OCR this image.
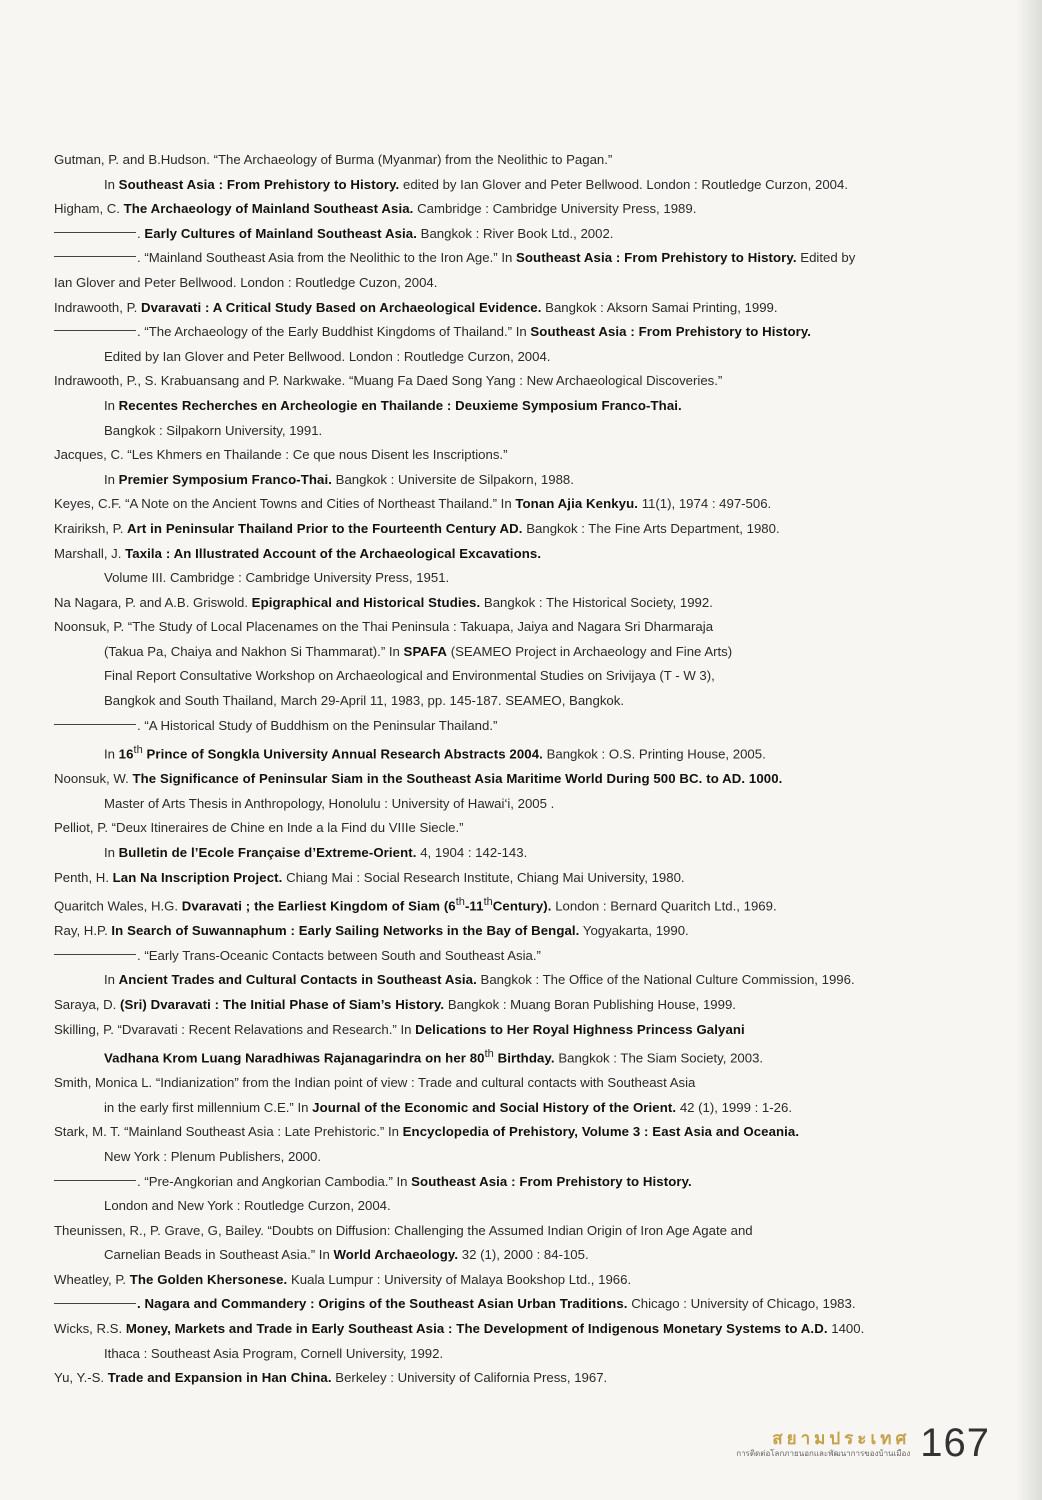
Gutman, P. and B.Hudson. “The Archaeology of Burma (Myanmar) from the Neolithic to Pagan.”
In Southeast Asia : From Prehistory to History. edited by Ian Glover and Peter Bellwood. London : Routledge Curzon, 2004.
Higham, C. The Archaeology of Mainland Southeast Asia. Cambridge : Cambridge University Press, 1989.
. Early Cultures of Mainland Southeast Asia. Bangkok : River Book Ltd., 2002.
. “Mainland Southeast Asia from the Neolithic to the Iron Age.” In Southeast Asia : From Prehistory to History. Edited by
Ian Glover and Peter Bellwood. London : Routledge Cuzon, 2004.
Indrawooth, P. Dvaravati : A Critical Study Based on Archaeological Evidence. Bangkok : Aksorn Samai Printing, 1999.
. “The Archaeology of the Early Buddhist Kingdoms of Thailand.” In Southeast Asia : From Prehistory to History.
Edited by Ian Glover and Peter Bellwood. London : Routledge Curzon, 2004.
Indrawooth, P., S. Krabuansang and P. Narkwake. “Muang Fa Daed Song Yang : New Archaeological Discoveries.”
In Recentes Recherches en Archeologie en Thailande : Deuxieme Symposium Franco-Thai.
Bangkok : Silpakorn University, 1991.
Jacques, C. “Les Khmers en Thailande : Ce que nous Disent les Inscriptions.”
In Premier Symposium Franco-Thai. Bangkok : Universite de Silpakorn, 1988.
Keyes, C.F. “A Note on the Ancient Towns and Cities of Northeast Thailand.” In Tonan Ajia Kenkyu. 11(1), 1974 : 497-506.
Krairiksh, P. Art in Peninsular Thailand Prior to the Fourteenth Century AD. Bangkok : The Fine Arts Department, 1980.
Marshall, J. Taxila : An Illustrated Account of the Archaeological Excavations.
Volume III. Cambridge : Cambridge University Press, 1951.
Na Nagara, P. and A.B. Griswold. Epigraphical and Historical Studies. Bangkok : The Historical Society, 1992.
Noonsuk, P. “The Study of Local Placenames on the Thai Peninsula : Takuapa, Jaiya and Nagara Sri Dharmaraja
(Takua Pa, Chaiya and Nakhon Si Thammarat).” In SPAFA (SEAMEO Project in Archaeology and Fine Arts)
Final Report Consultative Workshop on Archaeological and Environmental Studies on Srivijaya (T - W 3),
Bangkok and South Thailand, March 29-April 11, 1983, pp. 145-187. SEAMEO, Bangkok.
. “A Historical Study of Buddhism on the Peninsular Thailand.”
In 16th Prince of Songkla University Annual Research Abstracts 2004. Bangkok : O.S. Printing House, 2005.
Noonsuk, W. The Significance of Peninsular Siam in the Southeast Asia Maritime World During 500 BC. to AD. 1000.
Master of Arts Thesis in Anthropology, Honolulu : University of Hawai‘i, 2005 .
Pelliot, P. “Deux Itineraires de Chine en Inde a la Find du VIIIe Siecle.”
In Bulletin de l’Ecole Française d’Extreme-Orient. 4, 1904 : 142-143.
Penth, H. Lan Na Inscription Project. Chiang Mai : Social Research Institute, Chiang Mai University, 1980.
Quaritch Wales, H.G. Dvaravati ; the Earliest Kingdom of Siam (6th-11thCentury). London : Bernard Quaritch Ltd., 1969.
Ray, H.P. In Search of Suwannaphum : Early Sailing Networks in the Bay of Bengal. Yogyakarta, 1990.
. “Early Trans-Oceanic Contacts between South and Southeast Asia.”
In Ancient Trades and Cultural Contacts in Southeast Asia. Bangkok : The Office of the National Culture Commission, 1996.
Saraya, D. (Sri) Dvaravati : The Initial Phase of Siam’s History. Bangkok : Muang Boran Publishing House, 1999.
Skilling, P. “Dvaravati : Recent Relavations and Research.” In Delications to Her Royal Highness Princess Galyani
Vadhana Krom Luang Naradhiwas Rajanagarindra on her 80th Birthday. Bangkok : The Siam Society, 2003.
Smith, Monica L. “Indianization” from the Indian point of view : Trade and cultural contacts with Southeast Asia
in the early first millennium C.E.” In Journal of the Economic and Social History of the Orient. 42 (1), 1999 : 1-26.
Stark, M. T. “Mainland Southeast Asia : Late Prehistoric.” In Encyclopedia of Prehistory, Volume 3 : East Asia and Oceania.
New York : Plenum Publishers, 2000.
. “Pre-Angkorian and Angkorian Cambodia.” In Southeast Asia : From Prehistory to History.
London and New York : Routledge Curzon, 2004.
Theunissen, R., P. Grave, G, Bailey. “Doubts on Diffusion: Challenging the Assumed Indian Origin of Iron Age Agate and
Carnelian Beads in Southeast Asia.” In World Archaeology. 32 (1), 2000 : 84-105.
Wheatley, P. The Golden Khersonese. Kuala Lumpur : University of Malaya Bookshop Ltd., 1966.
. Nagara and Commandery : Origins of the Southeast Asian Urban Traditions. Chicago : University of Chicago, 1983.
Wicks, R.S. Money, Markets and Trade in Early Southeast Asia : The Development of Indigenous Monetary Systems to A.D. 1400.
Ithaca : Southeast Asia Program, Cornell University, 1992.
Yu, Y.-S. Trade and Expansion in Han China. Berkeley : University of California Press, 1967.
สยามประเทศ
การติดต่อโลกภายนอกและพัฒนาการของบ้านเมือง 167
